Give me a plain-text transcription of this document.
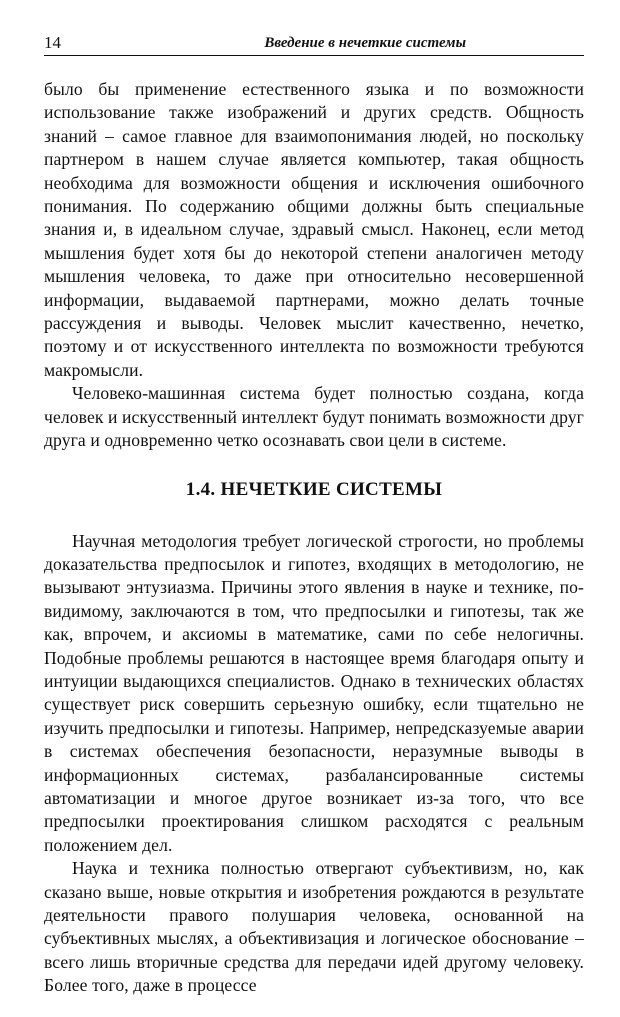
14	Введение в нечеткие системы

было бы применение естественного языка и по возможности использование также изображений и других средств. Общность знаний – самое главное для взаимопонимания людей, но поскольку партнером в нашем случае является компьютер, такая общность необходима для возможности общения и исключения ошибочного понимания. По содержанию общими должны быть специальные знания и, в идеальном случае, здравый смысл. Наконец, если метод мышления будет хотя бы до некоторой степени аналогичен методу мышления человека, то даже при относительно несовершенной информации, выдаваемой партнерами, можно делать точные рассуждения и выводы. Человек мыслит качественно, нечетко, поэтому и от искусственного интеллекта по возможности требуются макромысли.

Человеко-машинная система будет полностью создана, когда человек и искусственный интеллект будут понимать возможности друг друга и одновременно четко осознавать свои цели в системе.

1.4. НЕЧЕТКИЕ СИСТЕМЫ

Научная методология требует логической строгости, но проблемы доказательства предпосылок и гипотез, входящих в методологию, не вызывают энтузиазма. Причины этого явления в науке и технике, по-видимому, заключаются в том, что предпосылки и гипотезы, так же как, впрочем, и аксиомы в математике, сами по себе нелогичны. Подобные проблемы решаются в настоящее время благодаря опыту и интуиции выдающихся специалистов. Однако в технических областях существует риск совершить серьезную ошибку, если тщательно не изучить предпосылки и гипотезы. Например, непредсказуемые аварии в системах обеспечения безопасности, неразумные выводы в информационных системах, разбалансированные системы автоматизации и многое другое возникает из-за того, что все предпосылки проектирования слишком расходятся с реальным положением дел.

Наука и техника полностью отвергают субъективизм, но, как сказано выше, новые открытия и изобретения рождаются в результате деятельности правого полушария человека, основанной на субъективных мыслях, а объективизация и логическое обоснование – всего лишь вторичные средства для передачи идей другому человеку. Более того, даже в процессе
